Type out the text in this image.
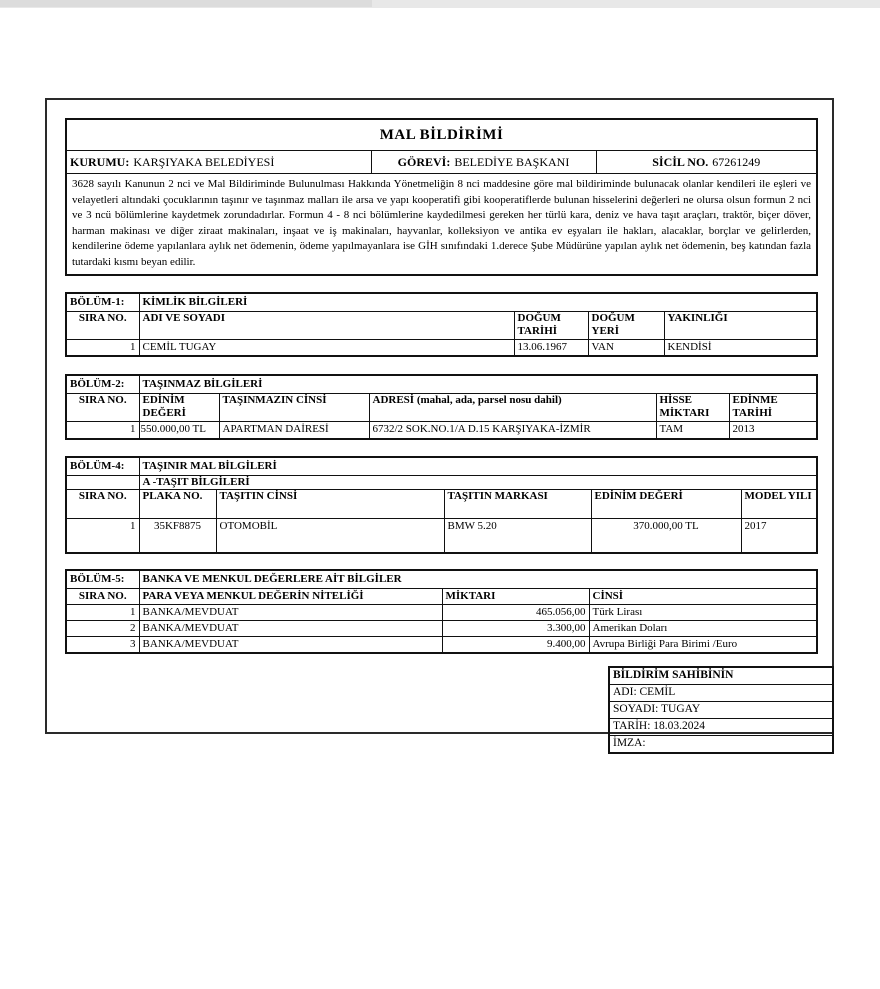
MAL BİLDİRİMİ
KURUMU: KARŞIYAKA BELEDİYESİ	GÖREVİ: BELEDİYE BAŞKANI	SİCİL NO. 67261249
3628 sayılı Kanunun 2 nci ve Mal Bildiriminde Bulunulması Hakkında Yönetmeliğin 8 nci maddesine göre mal bildiriminde bulunacak olanlar kendileri ile eşleri ve velayetleri altındaki çocuklarının taşınır ve taşınmaz malları ile arsa ve yapı kooperatifi gibi kooperatiflerde bulunan hisselerini değerleri ne olursa olsun formun 2 nci ve 3 ncü bölümlerine kaydetmek zorundadırlar. Formun 4 - 8 nci bölümlerine kaydedilmesi gereken her türlü kara, deniz ve hava taşıt araçları, traktör, biçer döver, harman makinası ve diğer ziraat makinaları, inşaat ve iş makinaları, hayvanlar, kolleksiyon ve antika ev eşyaları ile hakları, alacaklar, borçlar ve gelirlerden, kendilerine ödeme yapılanlara aylık net ödemenin, ödeme yapılmayanlara ise GİH sınıfındaki 1.derece Şube Müdürüne yapılan aylık net ödemenin, beş katından fazla tutardaki kısmı beyan edilir.
BÖLÜM-1:	KİMLİK BİLGİLERİ			
SIRA NO.	ADI VE SOYADI	DOĞUM TARİHİ	DOĞUM YERİ	YAKINLIĞI
1	CEMİL TUGAY	13.06.1967	VAN	KENDİSİ
BÖLÜM-2:	TAŞINMAZ BİLGİLERİ				
SIRA NO.	EDİNİM DEĞERİ	TAŞINMAZIN CİNSİ	ADRESİ (mahal, ada, parsel nosu dahil)	HİSSE MİKTARI	EDİNME TARİHİ
1	550.000,00 TL	APARTMAN DAİRESİ	6732/2 SOK.NO.1/A D.15 KARŞIYAKA-İZMİR	TAM	2013
BÖLÜM-4:	TAŞINIR MAL BİLGİLERİ				
	A -TAŞIT BİLGİLERİ				
SIRA NO.	PLAKA NO.	TAŞITIN CİNSİ	TAŞITIN MARKASI	EDİNİM DEĞERİ	MODEL YILI
1	35KF8875	OTOMOBİL	BMW 5.20	370.000,00 TL	2017
BÖLÜM-5:	BANKA VE MENKUL DEĞERLERE AİT BİLGİLER		
SIRA NO.	PARA VEYA MENKUL DEĞERİN NİTELİĞİ	MİKTARI	CİNSİ
1	BANKA/MEVDUAT	465.056,00	Türk Lirası
2	BANKA/MEVDUAT	3.300,00	Amerikan Doları
3	BANKA/MEVDUAT	9.400,00	Avrupa Birliği Para Birimi /Euro
BİLDİRİM SAHİBİNİN
ADI: CEMİL
SOYADI: TUGAY
TARİH: 18.03.2024
İMZA:
